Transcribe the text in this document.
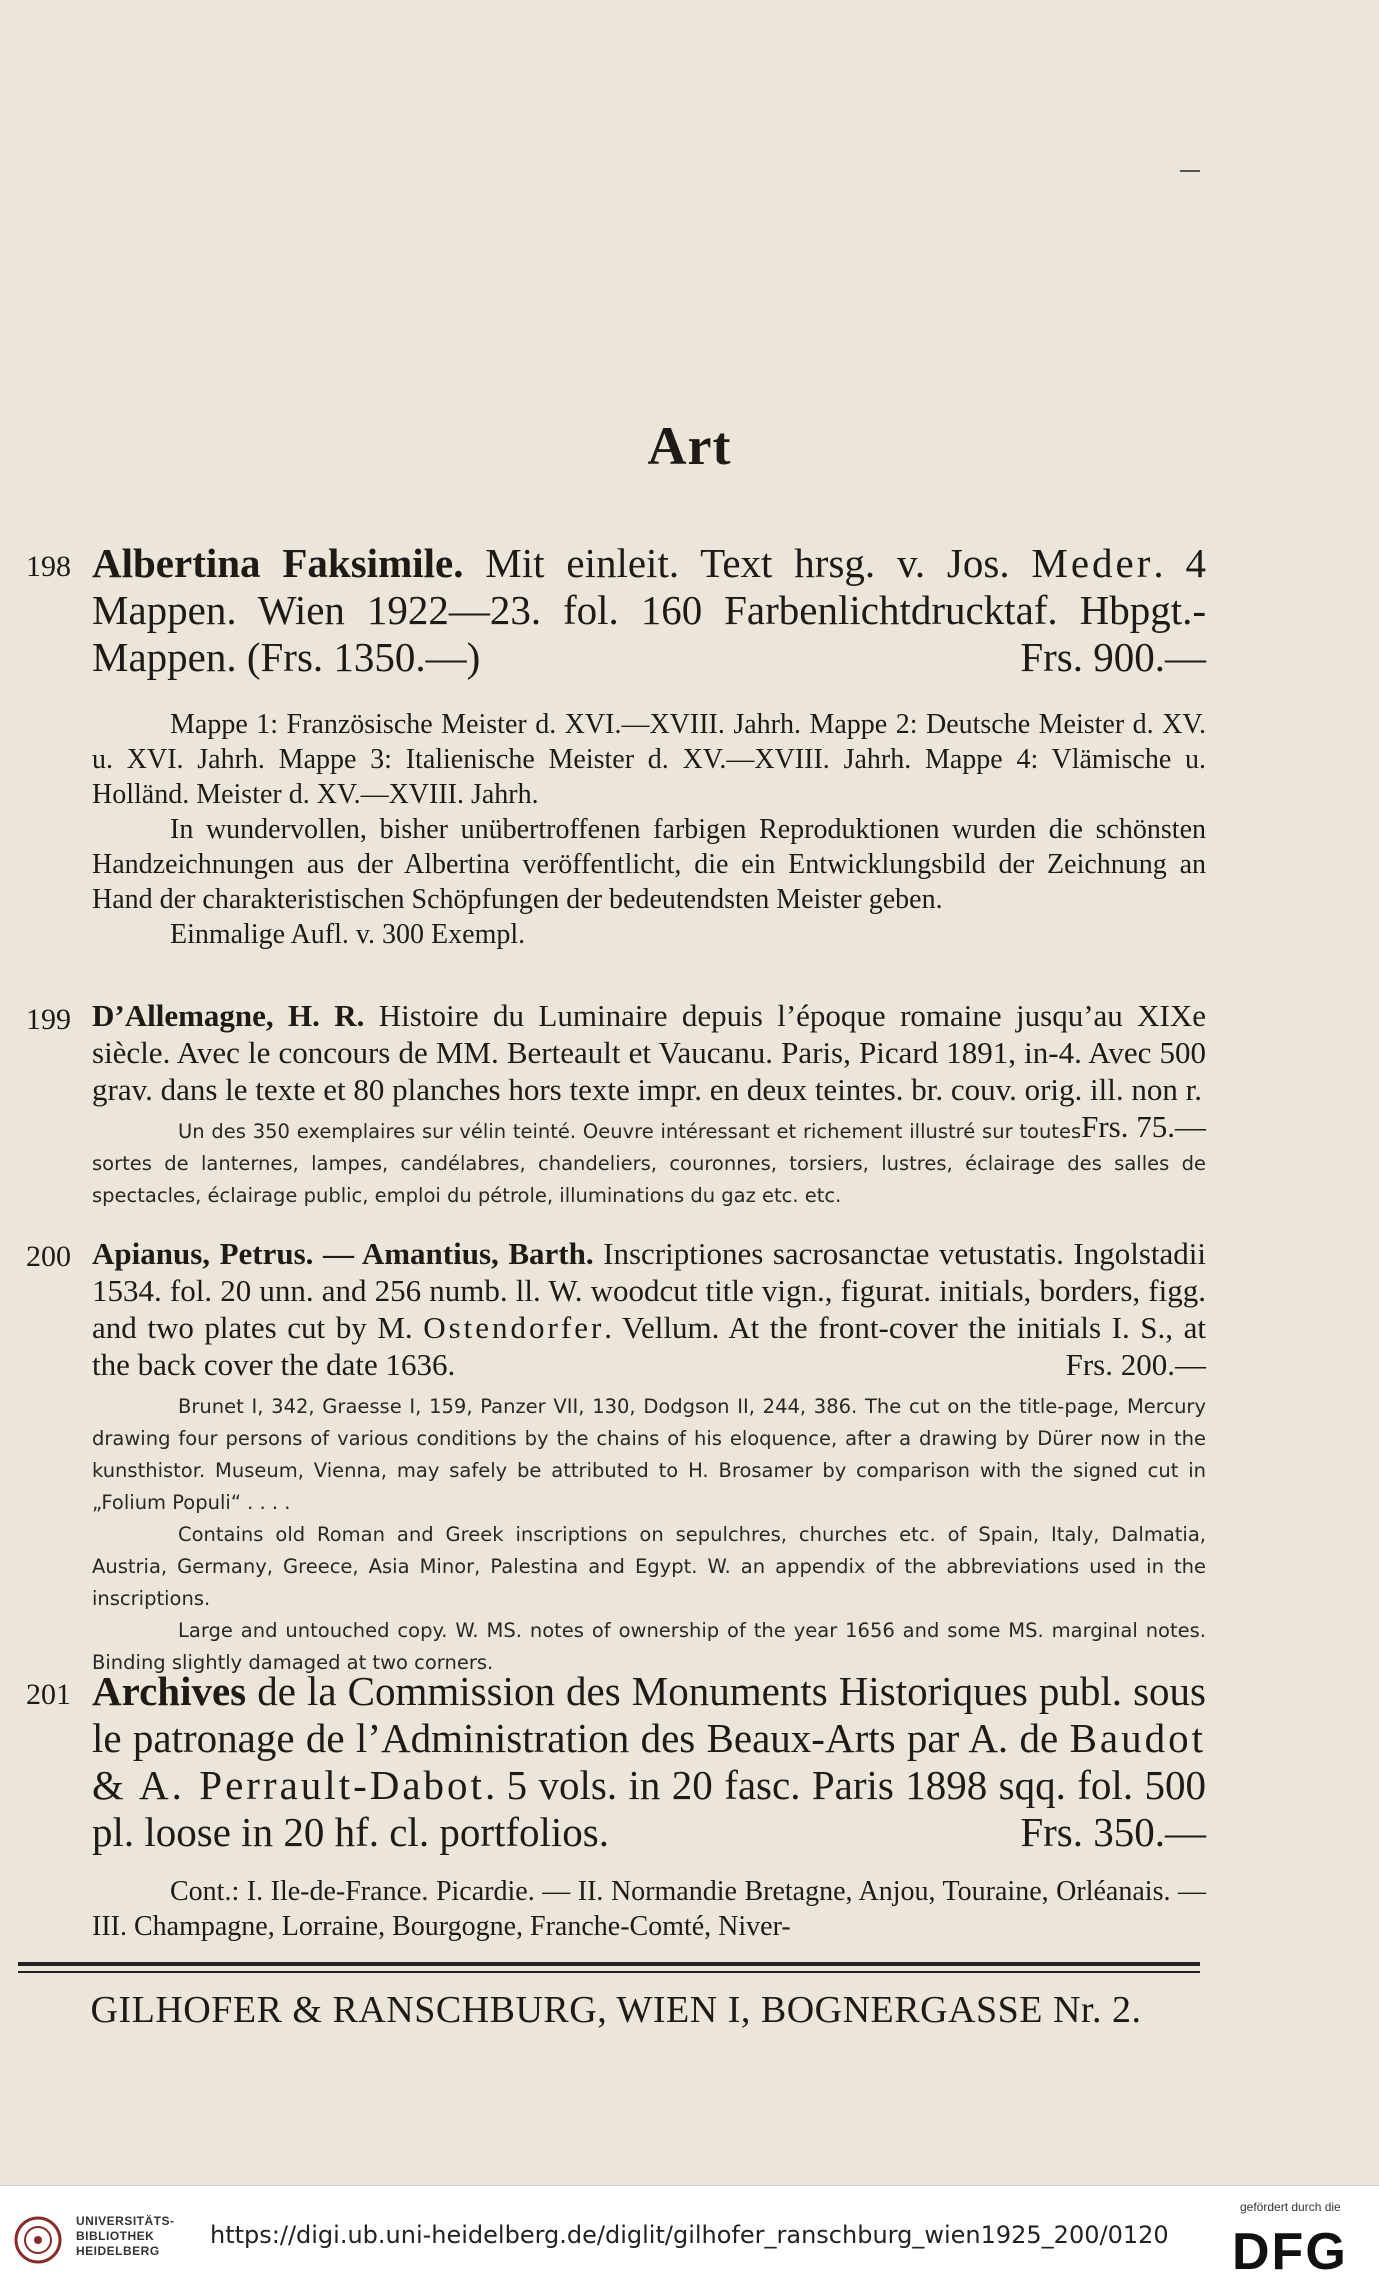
Art
198 Albertina Faksimile. Mit einleit. Text hrsg. v. Jos. Meder. 4 Mappen. Wien 1922—23. fol. 160 Farbenlichtdrucktaf. Hbpgt.-Mappen. (Frs. 1350.—)	Frs. 900.—

Mappe 1: Französische Meister d. XVI.—XVIII. Jahrh. Mappe 2: Deutsche Meister d. XV. u. XVI. Jahrh. Mappe 3: Italienische Meister d. XV.—XVIII. Jahrh. Mappe 4: Vlämische u. Holländ. Meister d. XV.—XVIII. Jahrh.

In wundervollen, bisher unübertroffenen farbigen Reproduktionen wurden die schönsten Handzeichnungen aus der Albertina veröffentlicht, die ein Entwicklungsbild der Zeichnung an Hand der charakteristischen Schöpfungen der bedeutendsten Meister geben.

Einmalige Aufl. v. 300 Exempl.

199 D’Allemagne, H. R. Histoire du Luminaire depuis l’époque romaine jusqu’au XIXe siècle. Avec le concours de MM. Berteault et Vaucanu. Paris, Picard 1891, in-4. Avec 500 grav. dans le texte et 80 planches hors texte impr. en deux teintes. br. couv. orig. ill. non r.
Frs. 75.—

Un des 350 exemplaires sur vélin teinté. Oeuvre intéressant et richement illustré sur toutes sortes de lanternes, lampes, candélabres, chandeliers, couronnes, torsiers, lustres, éclairage des salles de spectacles, éclairage public, emploi du pétrole, illuminations du gaz etc. etc.

200 Apianus, Petrus. — Amantius, Barth. Inscriptiones sacrosanctae vetustatis. Ingolstadii 1534. fol. 20 unn. and 256 numb. ll. W. woodcut title vign., figurat. initials, borders, figg. and two plates cut by M. Ostendorfer. Vellum. At the front-cover the initials I. S., at the back cover the date 1636.	Frs. 200.—

Brunet I, 342, Graesse I, 159, Panzer VII, 130, Dodgson II, 244, 386. The cut on the title-page, Mercury drawing four persons of various conditions by the chains of his eloquence, after a drawing by Dürer now in the kunsthistor. Museum, Vienna, may safely be attributed to H. Brosamer by comparison with the signed cut in „Folium Populi“ . . . .

Contains old Roman and Greek inscriptions on sepulchres, churches etc. of Spain, Italy, Dalmatia, Austria, Germany, Greece, Asia Minor, Palestina and Egypt. W. an appendix of the abbreviations used in the inscriptions.

Large and untouched copy. W. MS. notes of ownership of the year 1656 and some MS. marginal notes. Binding slightly damaged at two corners.

201 Archives de la Commission des Monuments Historiques publ. sous le patronage de l’Administration des Beaux-Arts par A. de Baudot & A. Perrault-Dabot. 5 vols. in 20 fasc. Paris 1898 sqq. fol. 500 pl. loose in 20 hf. cl. portfolios.	Frs. 350.—

Cont.: I. Ile-de-France. Picardie. — II. Normandie Bretagne, Anjou, Touraine, Orléanais. — III. Champagne, Lorraine, Bourgogne, Franche-Comté, Niver-

GILHOFER & RANSCHBURG, WIEN I, BOGNERGASSE Nr. 2.
UNIVERSITÄTS-
BIBLIOTHEK
HEIDELBERG
https://digi.ub.uni-heidelberg.de/diglit/gilhofer_ranschburg_wien1925_200/0120
gefördert durch die
DFG
